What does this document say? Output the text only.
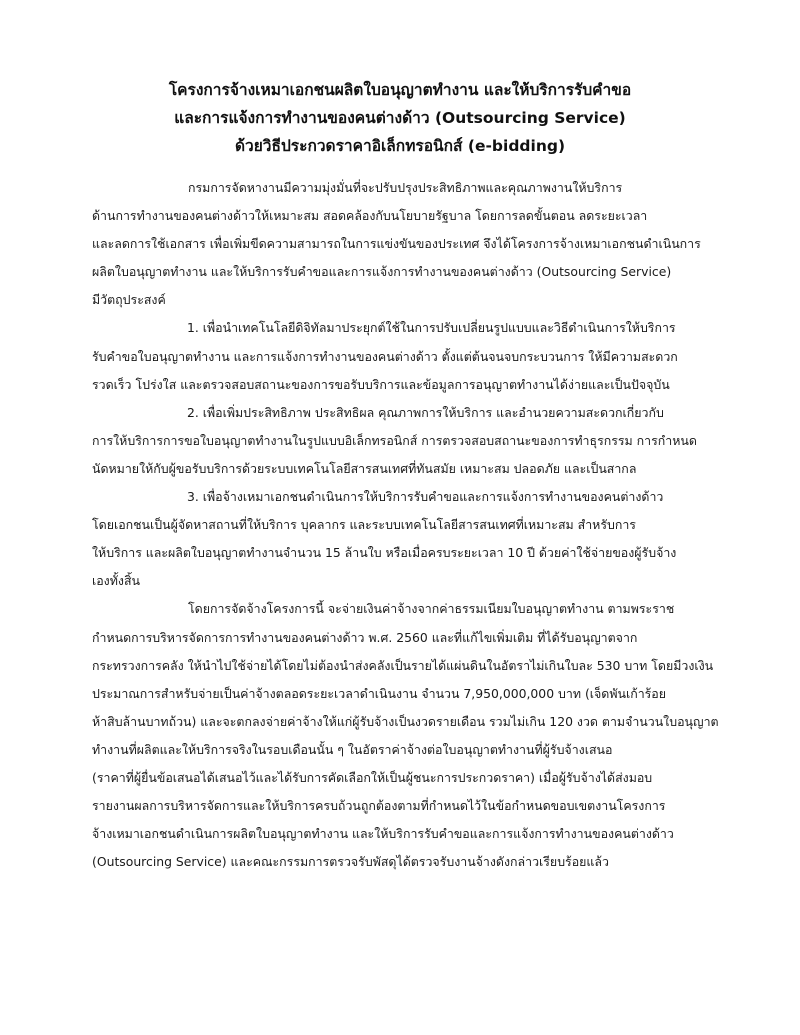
โครงการจ้างเหมาเอกชนผลิตใบอนุญาตทำงาน และให้บริการรับคำขอ
และการแจ้งการทำงานของคนต่างด้าว (Outsourcing Service)
ด้วยวิธีประกวดราคาอิเล็กทรอนิกส์ (e-bidding)
กรมการจัดหางานมีความมุ่งมั่นที่จะปรับปรุงประสิทธิภาพและคุณภาพงานให้บริการ
ด้านการทำงานของคนต่างด้าวให้เหมาะสม สอดคล้องกับนโยบายรัฐบาล โดยการลดขั้นตอน ลดระยะเวลา
และลดการใช้เอกสาร เพื่อเพิ่มขีดความสามารถในการแข่งขันของประเทศ จึงได้โครงการจ้างเหมาเอกชนดำเนินการ
ผลิตใบอนุญาตทำงาน และให้บริการรับคำขอและการแจ้งการทำงานของคนต่างด้าว (Outsourcing Service)
มีวัตถุประสงค์
1. เพื่อนำเทคโนโลยีดิจิทัลมาประยุกต์ใช้ในการปรับเปลี่ยนรูปแบบและวิธีดำเนินการให้บริการ
รับคำขอใบอนุญาตทำงาน และการแจ้งการทำงานของคนต่างด้าว ตั้งแต่ต้นจนจบกระบวนการ ให้มีความสะดวก
รวดเร็ว โปร่งใส และตรวจสอบสถานะของการขอรับบริการและข้อมูลการอนุญาตทำงานได้ง่ายและเป็นปัจจุบัน
2. เพื่อเพิ่มประสิทธิภาพ ประสิทธิผล คุณภาพการให้บริการ และอำนวยความสะดวกเกี่ยวกับ
การให้บริการการขอใบอนุญาตทำงานในรูปแบบอิเล็กทรอนิกส์ การตรวจสอบสถานะของการทำธุรกรรม การกำหนด
นัดหมายให้กับผู้ขอรับบริการด้วยระบบเทคโนโลยีสารสนเทศที่ทันสมัย เหมาะสม ปลอดภัย และเป็นสากล
3. เพื่อจ้างเหมาเอกชนดำเนินการให้บริการรับคำขอและการแจ้งการทำงานของคนต่างด้าว
โดยเอกชนเป็นผู้จัดหาสถานที่ให้บริการ บุคลากร และระบบเทคโนโลยีสารสนเทศที่เหมาะสม สำหรับการ
ให้บริการ และผลิตใบอนุญาตทำงานจำนวน 15 ล้านใบ หรือเมื่อครบระยะเวลา 10 ปี ด้วยค่าใช้จ่ายของผู้รับจ้าง
เองทั้งสิ้น
โดยการจัดจ้างโครงการนี้ จะจ่ายเงินค่าจ้างจากค่าธรรมเนียมใบอนุญาตทำงาน ตามพระราช
กำหนดการบริหารจัดการการทำงานของคนต่างด้าว พ.ศ. 2560 และที่แก้ไขเพิ่มเติม ที่ได้รับอนุญาตจาก
กระทรวงการคลัง ให้นำไปใช้จ่ายได้โดยไม่ต้องนำส่งคลังเป็นรายได้แผ่นดินในอัตราไม่เกินใบละ 530 บาท โดยมีวงเงิน
ประมาณการสำหรับจ่ายเป็นค่าจ้างตลอดระยะเวลาดำเนินงาน จำนวน 7,950,000,000 บาท (เจ็ดพันเก้าร้อย
ห้าสิบล้านบาทถ้วน) และจะตกลงจ่ายค่าจ้างให้แก่ผู้รับจ้างเป็นงวดรายเดือน รวมไม่เกิน 120 งวด ตามจำนวนใบอนุญาต
ทำงานที่ผลิตและให้บริการจริงในรอบเดือนนั้น ๆ ในอัตราค่าจ้างต่อใบอนุญาตทำงานที่ผู้รับจ้างเสนอ
(ราคาที่ผู้ยื่นข้อเสนอได้เสนอไว้และได้รับการคัดเลือกให้เป็นผู้ชนะการประกวดราคา) เมื่อผู้รับจ้างได้ส่งมอบ
รายงานผลการบริหารจัดการและให้บริการครบถ้วนถูกต้องตามที่กำหนดไว้ในข้อกำหนดขอบเขตงานโครงการ
จ้างเหมาเอกชนดำเนินการผลิตใบอนุญาตทำงาน และให้บริการรับคำขอและการแจ้งการทำงานของคนต่างด้าว
(Outsourcing Service) และคณะกรรมการตรวจรับพัสดุได้ตรวจรับงานจ้างดังกล่าวเรียบร้อยแล้ว
